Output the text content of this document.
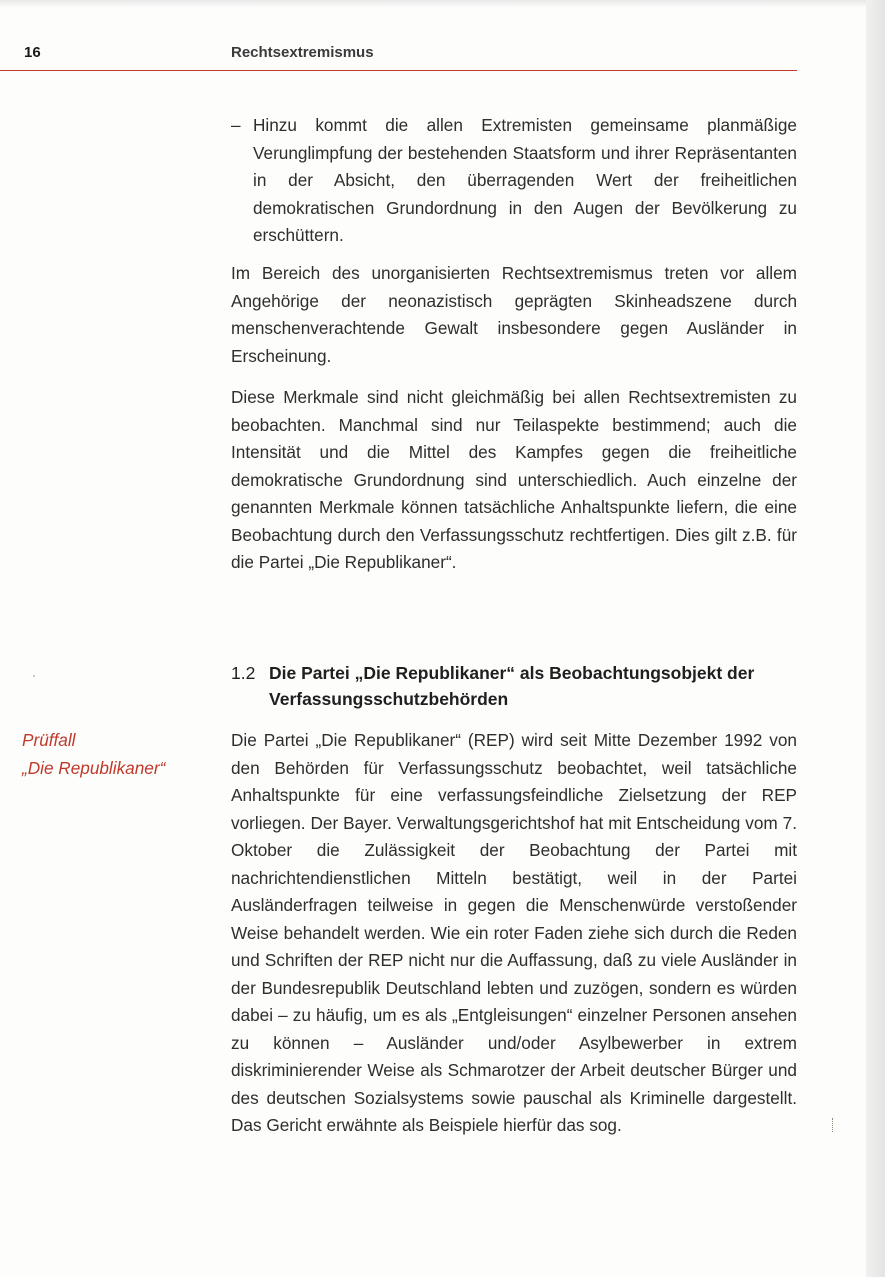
16	Rechtsextremismus
– Hinzu kommt die allen Extremisten gemeinsame planmäßige Verunglimpfung der bestehenden Staatsform und ihrer Repräsentanten in der Absicht, den überragenden Wert der freiheitlichen demokratischen Grundordnung in den Augen der Bevölkerung zu erschüttern.

Im Bereich des unorganisierten Rechtsextremismus treten vor allem Angehörige der neonazistisch geprägten Skinheadszene durch menschenverachtende Gewalt insbesondere gegen Ausländer in Erscheinung.

Diese Merkmale sind nicht gleichmäßig bei allen Rechtsextremisten zu beobachten. Manchmal sind nur Teilaspekte bestimmend; auch die Intensität und die Mittel des Kampfes gegen die freiheitliche demokratische Grundordnung sind unterschiedlich. Auch einzelne der genannten Merkmale können tatsächliche Anhaltspunkte liefern, die eine Beobachtung durch den Verfassungsschutz rechtfertigen. Dies gilt z.B. für die Partei „Die Republikaner“.

1.2 Die Partei „Die Republikaner“ als Beobachtungsobjekt der Verfassungsschutzbehörden
Prüffall
„Die Republikaner“

Die Partei „Die Republikaner“ (REP) wird seit Mitte Dezember 1992 von den Behörden für Verfassungsschutz beobachtet, weil tatsächliche Anhaltspunkte für eine verfassungsfeindliche Zielsetzung der REP vorliegen. Der Bayer. Verwaltungsgerichtshof hat mit Entscheidung vom 7. Oktober die Zulässigkeit der Beobachtung der Partei mit nachrichtendienstlichen Mitteln bestätigt, weil in der Partei Ausländerfragen teilweise in gegen die Menschenwürde verstoßender Weise behandelt werden. Wie ein roter Faden ziehe sich durch die Reden und Schriften der REP nicht nur die Auffassung, daß zu viele Ausländer in der Bundesrepublik Deutschland lebten und zuzögen, sondern es würden dabei – zu häufig, um es als „Entgleisungen“ einzelner Personen ansehen zu können – Ausländer und/oder Asylbewerber in extrem diskriminierender Weise als Schmarotzer der Arbeit deutscher Bürger und des deutschen Sozialsystems sowie pauschal als Kriminelle dargestellt. Das Gericht erwähnte als Beispiele hierfür das sog.
